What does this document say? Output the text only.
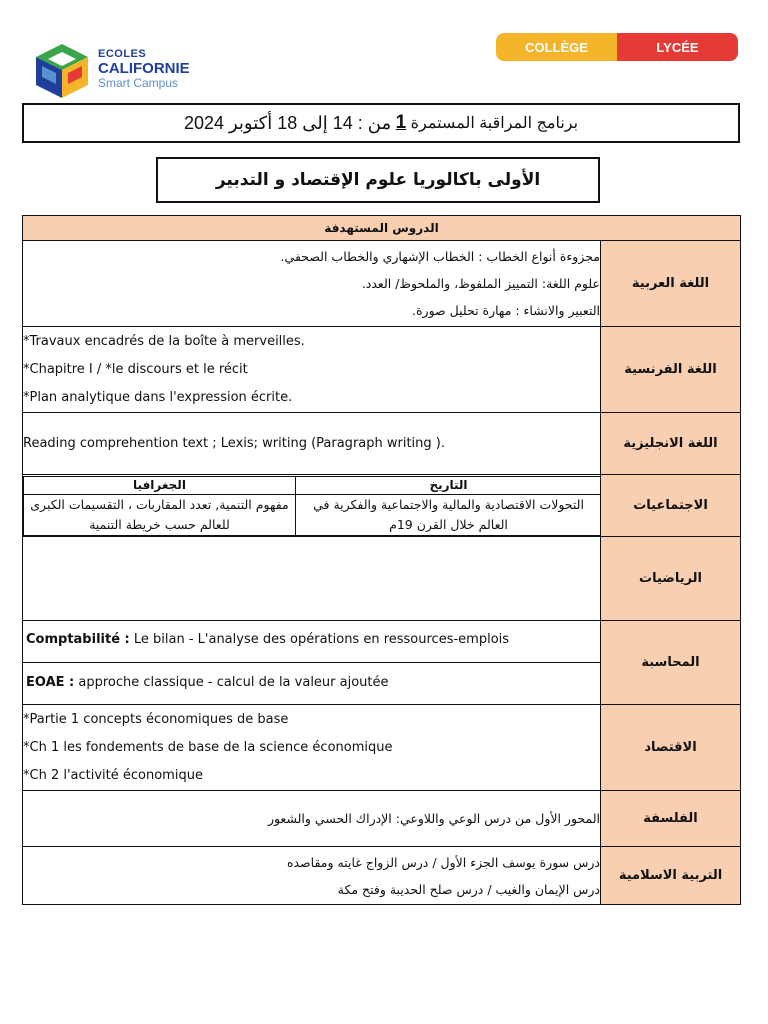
ECOLES
CALIFORNIE
Smart Campus
COLLÈGE	LYCÉE
برنامج المراقبة المستمرة

1

من : 14 إلى 18 أكتوبر 2024
الأولى باكالوريا علوم الإقتصاد و التدبير
الدروس المستهدفة

مجزوءة أنواع الخطاب : الخطاب الإشهاري والخطاب الصحفي.
علوم اللغة: التمييز الملفوظ، والملحوظ/ العدد.
التعبير والانشاء : مهارة تحليل صورة.
	اللغة العربية

*Travaux encadrés de la boîte à merveilles.
*Chapitre I / *le discours et le récit
*Plan analytique dans l'expression écrite.
	اللغة الفرنسية

Reading comprehention text ; Lexis; writing (Paragraph writing ).	اللغة الانجليزية

الجغرافيا	التاريخ
مفهوم التنمية, تعدد المقاربات ، التقسيمات الكبرى للعالم حسب خريطة التنمية	التحولات الاقتصادية والمالية والاجتماعية والفكرية في العالم خلال القرن 19م
	الاجتماعيات
	الرياضيات

Comptabilité : Le bilan - L'analyse des opérations en ressources-emplois
EOAE : approche classique - calcul de la valeur ajoutée
	المحاسبة

*Partie 1 concepts économiques de base
*Ch 1 les fondements de base de la science économique
*Ch 2 l'activité économique
	الاقتصاد

المحور الأول من درس الوعي واللاوعي: الإدراك الحسي والشعور	الفلسفة

درس سورة يوسف الجزء الأول / درس الزواج غايته ومقاصده
درس الإيمان والغيب / درس صلح الحديبة وفتح مكة
	التربية الاسلامية
